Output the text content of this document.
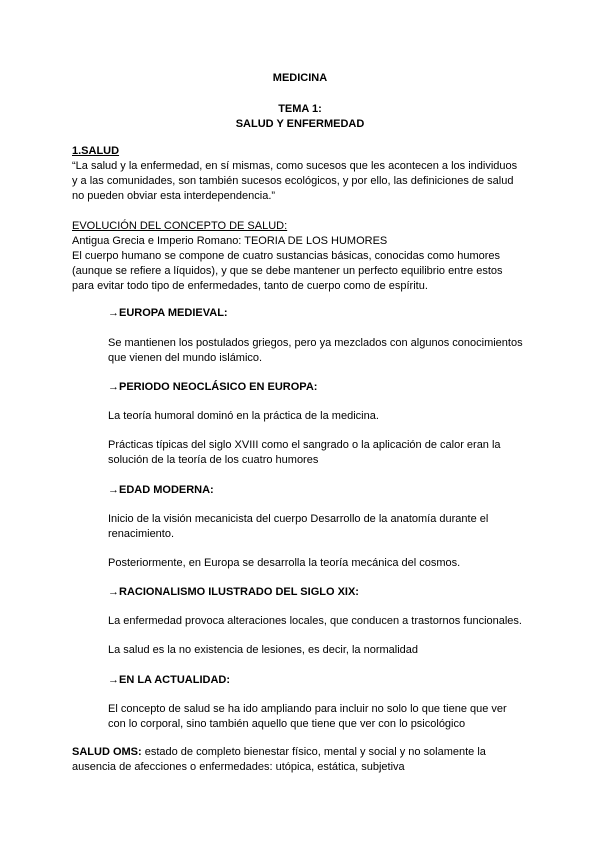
MEDICINA

TEMA 1:

SALUD Y ENFERMEDAD

1.SALUD

“La salud y la enfermedad, en sí mismas, como sucesos que les acontecen a los individuos
y a las comunidades, son también sucesos ecológicos, y por ello, las definiciones de salud
no pueden obviar esta interdependencia.”

EVOLUCIÓN DEL CONCEPTO DE SALUD:

Antigua Grecia e Imperio Romano: TEORIA DE LOS HUMORES

El cuerpo humano se compone de cuatro sustancias básicas, conocidas como humores
(aunque se refiere a líquidos), y que se debe mantener un perfecto equilibrio entre estos
para evitar todo tipo de enfermedades, tanto de cuerpo como de espíritu.

→EUROPA MEDIEVAL:

Se mantienen los postulados griegos, pero ya mezclados con algunos conocimientos
que vienen del mundo islámico.

→PERIODO NEOCLÁSICO EN EUROPA:

La teoría humoral dominó en la práctica de la medicina.

Prácticas típicas del siglo XVIII como el sangrado o la aplicación de calor eran la
solución de la teoría de los cuatro humores

→EDAD MODERNA:

Inicio de la visión mecanicista del cuerpo Desarrollo de la anatomía durante el
renacimiento.

Posteriormente, en Europa se desarrolla la teoría mecánica del cosmos.

→RACIONALISMO ILUSTRADO DEL SIGLO XIX:

La enfermedad provoca alteraciones locales, que conducen a trastornos funcionales.

La salud es la no existencia de lesiones, es decir, la normalidad

→EN LA ACTUALIDAD:

El concepto de salud se ha ido ampliando para incluir no solo lo que tiene que ver
con lo corporal, sino también aquello que tiene que ver con lo psicológico
SALUD OMS: estado de completo bienestar físico, mental y social y no solamente la
ausencia de afecciones o enfermedades: utópica, estática, subjetiva
